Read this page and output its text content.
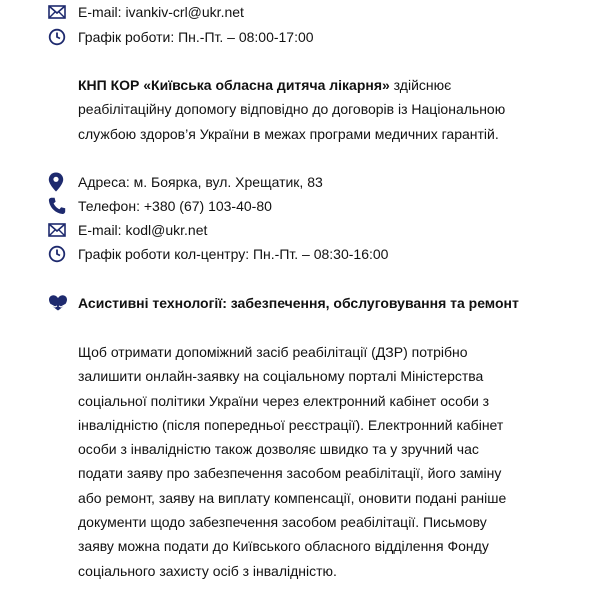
E-mail: ivankiv-crl@ukr.net
Графік роботи: Пн.-Пт. – 08:00-17:00
КНП КОР «Київська обласна дитяча лікарня» здійснює
реабілітаційну допомогу відповідно до договорів із Національною
службою здоров’я України в межах програми медичних гарантій.
Адреса: м. Боярка, вул. Хрещатик, 83
Телефон: +380 (67) 103-40-80
E-mail: kodl@ukr.net
Графік роботи кол-центру: Пн.-Пт. – 08:30-16:00
Асистивні технології: забезпечення, обслуговування та ремонт
Щоб отримати допоміжний засіб реабілітації (ДЗР) потрібно
залишити онлайн-заявку на соціальному порталі Міністерства
соціальної політики України через електронний кабінет особи з
інвалідністю (після попередньої реєстрації). Електронний кабінет
особи з інвалідністю також дозволяє швидко та у зручний час
подати заяву про забезпечення засобом реабілітації, його заміну
або ремонт, заяву на виплату компенсації, оновити подані раніше
документи щодо забезпечення засобом реабілітації. Письмову
заяву можна подати до Київського обласного відділення Фонду
соціального захисту осіб з інвалідністю.
